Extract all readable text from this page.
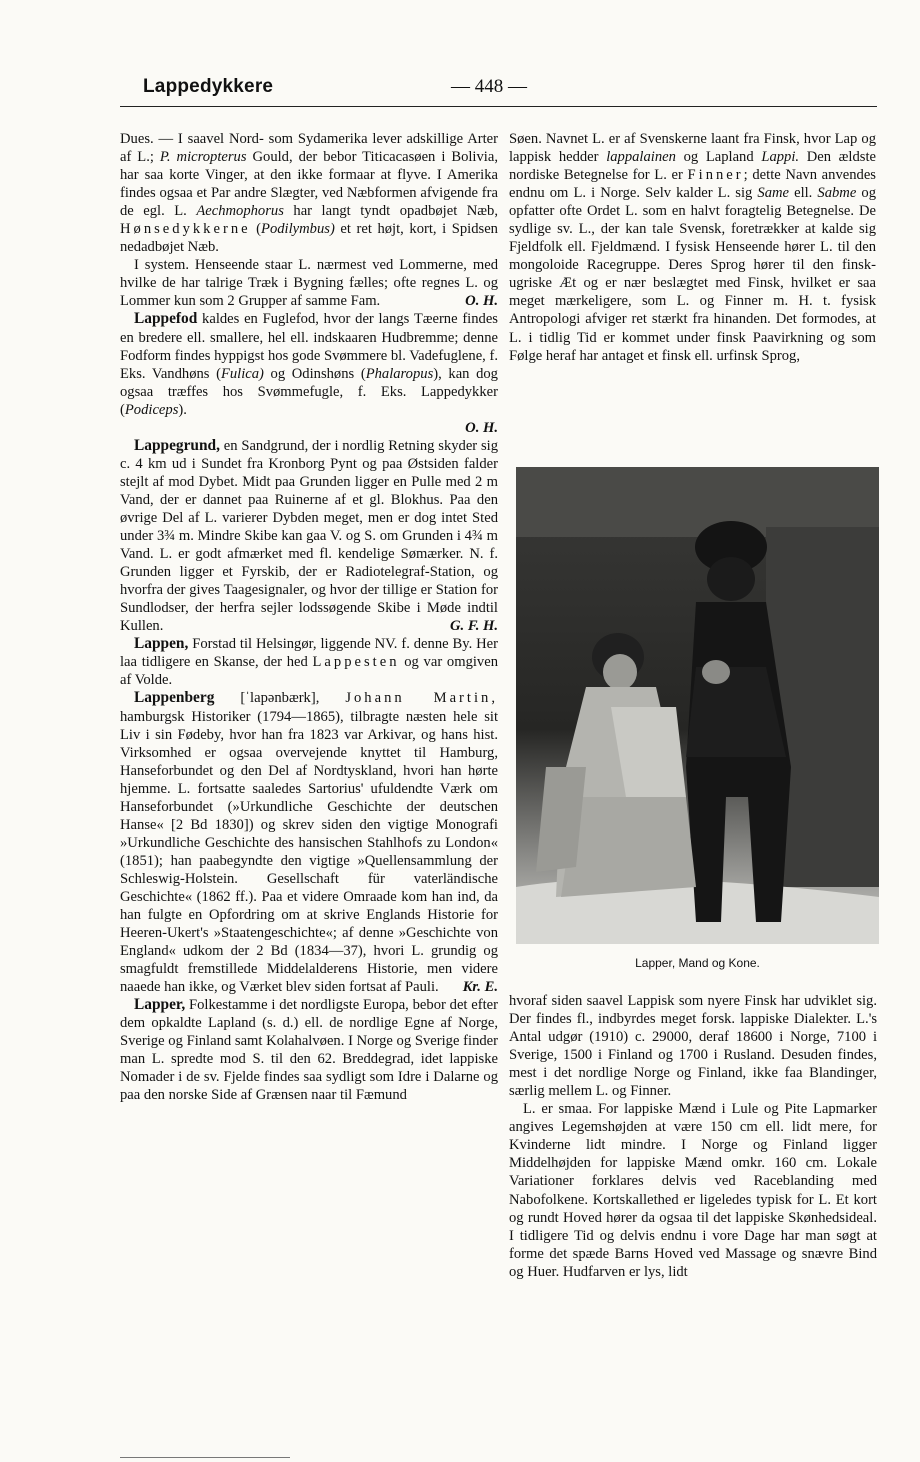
Lappedykkere	— 448 —

Dues. — I saavel Nord- som Sydamerika lever adskillige Arter af L.; P. micropterus Gould, der bebor Titicacasøen i Bolivia, har saa korte Vinger, at den ikke formaar at flyve. I Amerika findes ogsaa et Par andre Slægter, ved Næbformen afvigende fra de egl. L. Aechmophorus har langt tyndt opadbøjet Næb, Hønsedykkerne (Podilymbus) et ret højt, kort, i Spidsen nedadbøjet Næb.

I system. Henseende staar L. nærmest ved Lommerne, med hvilke de har talrige Træk i Bygning fælles; ofte regnes L. og Lommer kun som 2 Grupper af samme Fam.	O. H.

Lappefod kaldes en Fuglefod, hvor der langs Tæerne findes en bredere ell. smallere, hel ell. indskaaren Hudbremme; denne Fodform findes hyppigst hos gode Svømmere bl. Vadefuglene, f. Eks. Vandhøns (Fulica) og Odinshøns (Phalaropus), kan dog ogsaa træffes hos Svømmefugle, f. Eks. Lappedykker (Podiceps).

O. H.

Lappegrund, en Sandgrund, der i nordlig Retning skyder sig c. 4 km ud i Sundet fra Kronborg Pynt og paa Østsiden falder stejlt af mod Dybet. Midt paa Grunden ligger en Pulle med 2 m Vand, der er dannet paa Ruinerne af et gl. Blokhus. Paa den øvrige Del af L. varierer Dybden meget, men er dog intet Sted under 3¾ m. Mindre Skibe kan gaa V. og S. om Grunden i 4¾ m Vand. L. er godt afmærket med fl. kendelige Sømærker. N. f. Grunden ligger et Fyrskib, der er Radiotelegraf-Station, og hvorfra der gives Taagesignaler, og hvor der tillige er Station for Sundlodser, der herfra sejler lodssøgende Skibe i Møde indtil Kullen.	G. F. H.

Lappen, Forstad til Helsingør, liggende NV. f. denne By. Her laa tidligere en Skanse, der hed Lappesten og var omgiven af Volde.

Lappenberg [ˈlapənbærk], Johann Martin, hamburgsk Historiker (1794—1865), tilbragte næsten hele sit Liv i sin Fødeby, hvor han fra 1823 var Arkivar, og hans hist. Virksomhed er ogsaa overvejende knyttet til Hamburg, Hanseforbundet og den Del af Nordtyskland, hvori han hørte hjemme. L. fortsatte saaledes Sartorius' ufuldendte Værk om Hanseforbundet (»Urkundliche Geschichte der deutschen Hanse« [2 Bd 1830]) og skrev siden den vigtige Monografi »Urkundliche Geschichte des hansischen Stahlhofs zu London« (1851); han paabegyndte den vigtige »Quellensammlung der Schleswig-Holstein. Gesellschaft für vaterländische Geschichte« (1862 ff.). Paa et videre Omraade kom han ind, da han fulgte en Opfordring om at skrive Englands Historie for Heeren-Ukert's »Staatengeschichte«; af denne »Geschichte von England« udkom der 2 Bd (1834—37), hvori L. grundig og smagfuldt fremstillede Middelalderens Historie, men videre naaede han ikke, og Værket blev siden fortsat af Pauli.	Kr. E.

Lapper, Folkestamme i det nordligste Europa, bebor det efter dem opkaldte Lapland (s. d.) ell. de nordlige Egne af Norge, Sverige og Finland samt Kolahalvøen. I Norge og Sverige finder man L. spredte mod S. til den 62. Breddegrad, idet lappiske Nomader i de sv. Fjelde findes saa sydligt som Idre i Dalarne og paa den norske Side af Grænsen naar til Fæmund

Søen. Navnet L. er af Svenskerne laant fra Finsk, hvor Lap og lappisk hedder lappalainen og Lapland Lappi. Den ældste nordiske Betegnelse for L. er Finner; dette Navn anvendes endnu om L. i Norge. Selv kalder L. sig Same ell. Sabme og opfatter ofte Ordet L. som en halvt foragtelig Betegnelse. De sydlige sv. L., der kan tale Svensk, foretrækker at kalde sig Fjeldfolk ell. Fjeldmænd. I fysisk Henseende hører L. til den mongoloide Racegruppe. Deres Sprog hører til den finsk-ugriske Æt og er nær beslægtet med Finsk, hvilket er saa meget mærkeligere, som L. og Finner m. H. t. fysisk Antropologi afviger ret stærkt fra hinanden. Det formodes, at L. i tidlig Tid er kommet under finsk Paavirkning og som Følge heraf har antaget et finsk ell. urfinsk Sprog,

Lapper, Mand og Kone.

hvoraf siden saavel Lappisk som nyere Finsk har udviklet sig. Der findes fl., indbyrdes meget forsk. lappiske Dialekter. L.'s Antal udgør (1910) c. 29000, deraf 18600 i Norge, 7100 i Sverige, 1500 i Finland og 1700 i Rusland. Desuden findes, mest i det nordlige Norge og Finland, ikke faa Blandinger, særlig mellem L. og Finner.

L. er smaa. For lappiske Mænd i Lule og Pite Lapmarker angives Legemshøjden at være 150 cm ell. lidt mere, for Kvinderne lidt mindre. I Norge og Finland ligger Middelhøjden for lappiske Mænd omkr. 160 cm. Lokale Variationer forklares delvis ved Raceblanding med Nabofolkene. Kortskallethed er ligeledes typisk for L. Et kort og rundt Hoved hører da ogsaa til det lappiske Skønhedsideal. I tidligere Tid og delvis endnu i vore Dage har man søgt at forme det spæde Barns Hoved ved Massage og snævre Bind og Huer. Hudfarven er lys, lidt
